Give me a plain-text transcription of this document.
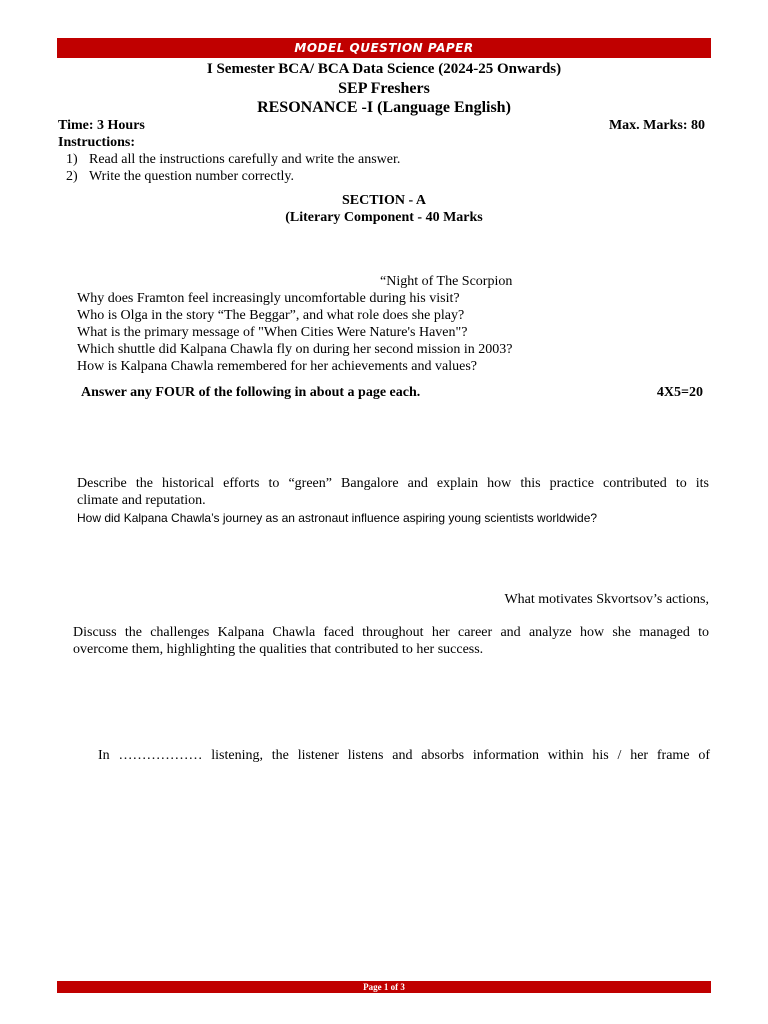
MODEL QUESTION PAPER
I Semester BCA/ BCA Data Science (2024-25 Onwards)
SEP Freshers
RESONANCE -I (Language English)
Time: 3 Hours	Max. Marks: 80
Instructions:
1) Read all the instructions carefully and write the answer.
2) Write the question number correctly.
SECTION - A
(Literary Component - 40 Marks
“Night of The Scorpion
Why does Framton feel increasingly uncomfortable during his visit?
Who is Olga in the story “The Beggar”, and what role does she play?
What is the primary message of "When Cities Were Nature's Haven"?
Which shuttle did Kalpana Chawla fly on during her second mission in 2003?
How is Kalpana Chawla remembered for her achievements and values?
Answer any FOUR of the following in about a page each.	4X5=20
Describe the historical efforts to “green” Bangalore and explain how this practice contributed to its
climate and reputation.
How did Kalpana Chawla’s journey as an astronaut influence aspiring young scientists worldwide?
What motivates Skvortsov’s actions,
Discuss the challenges Kalpana Chawla faced throughout her career and analyze how she managed to
overcome them, highlighting the qualities that contributed to her success.
In ……………… listening, the listener listens and absorbs information within his / her frame of
Page 1 of 3
